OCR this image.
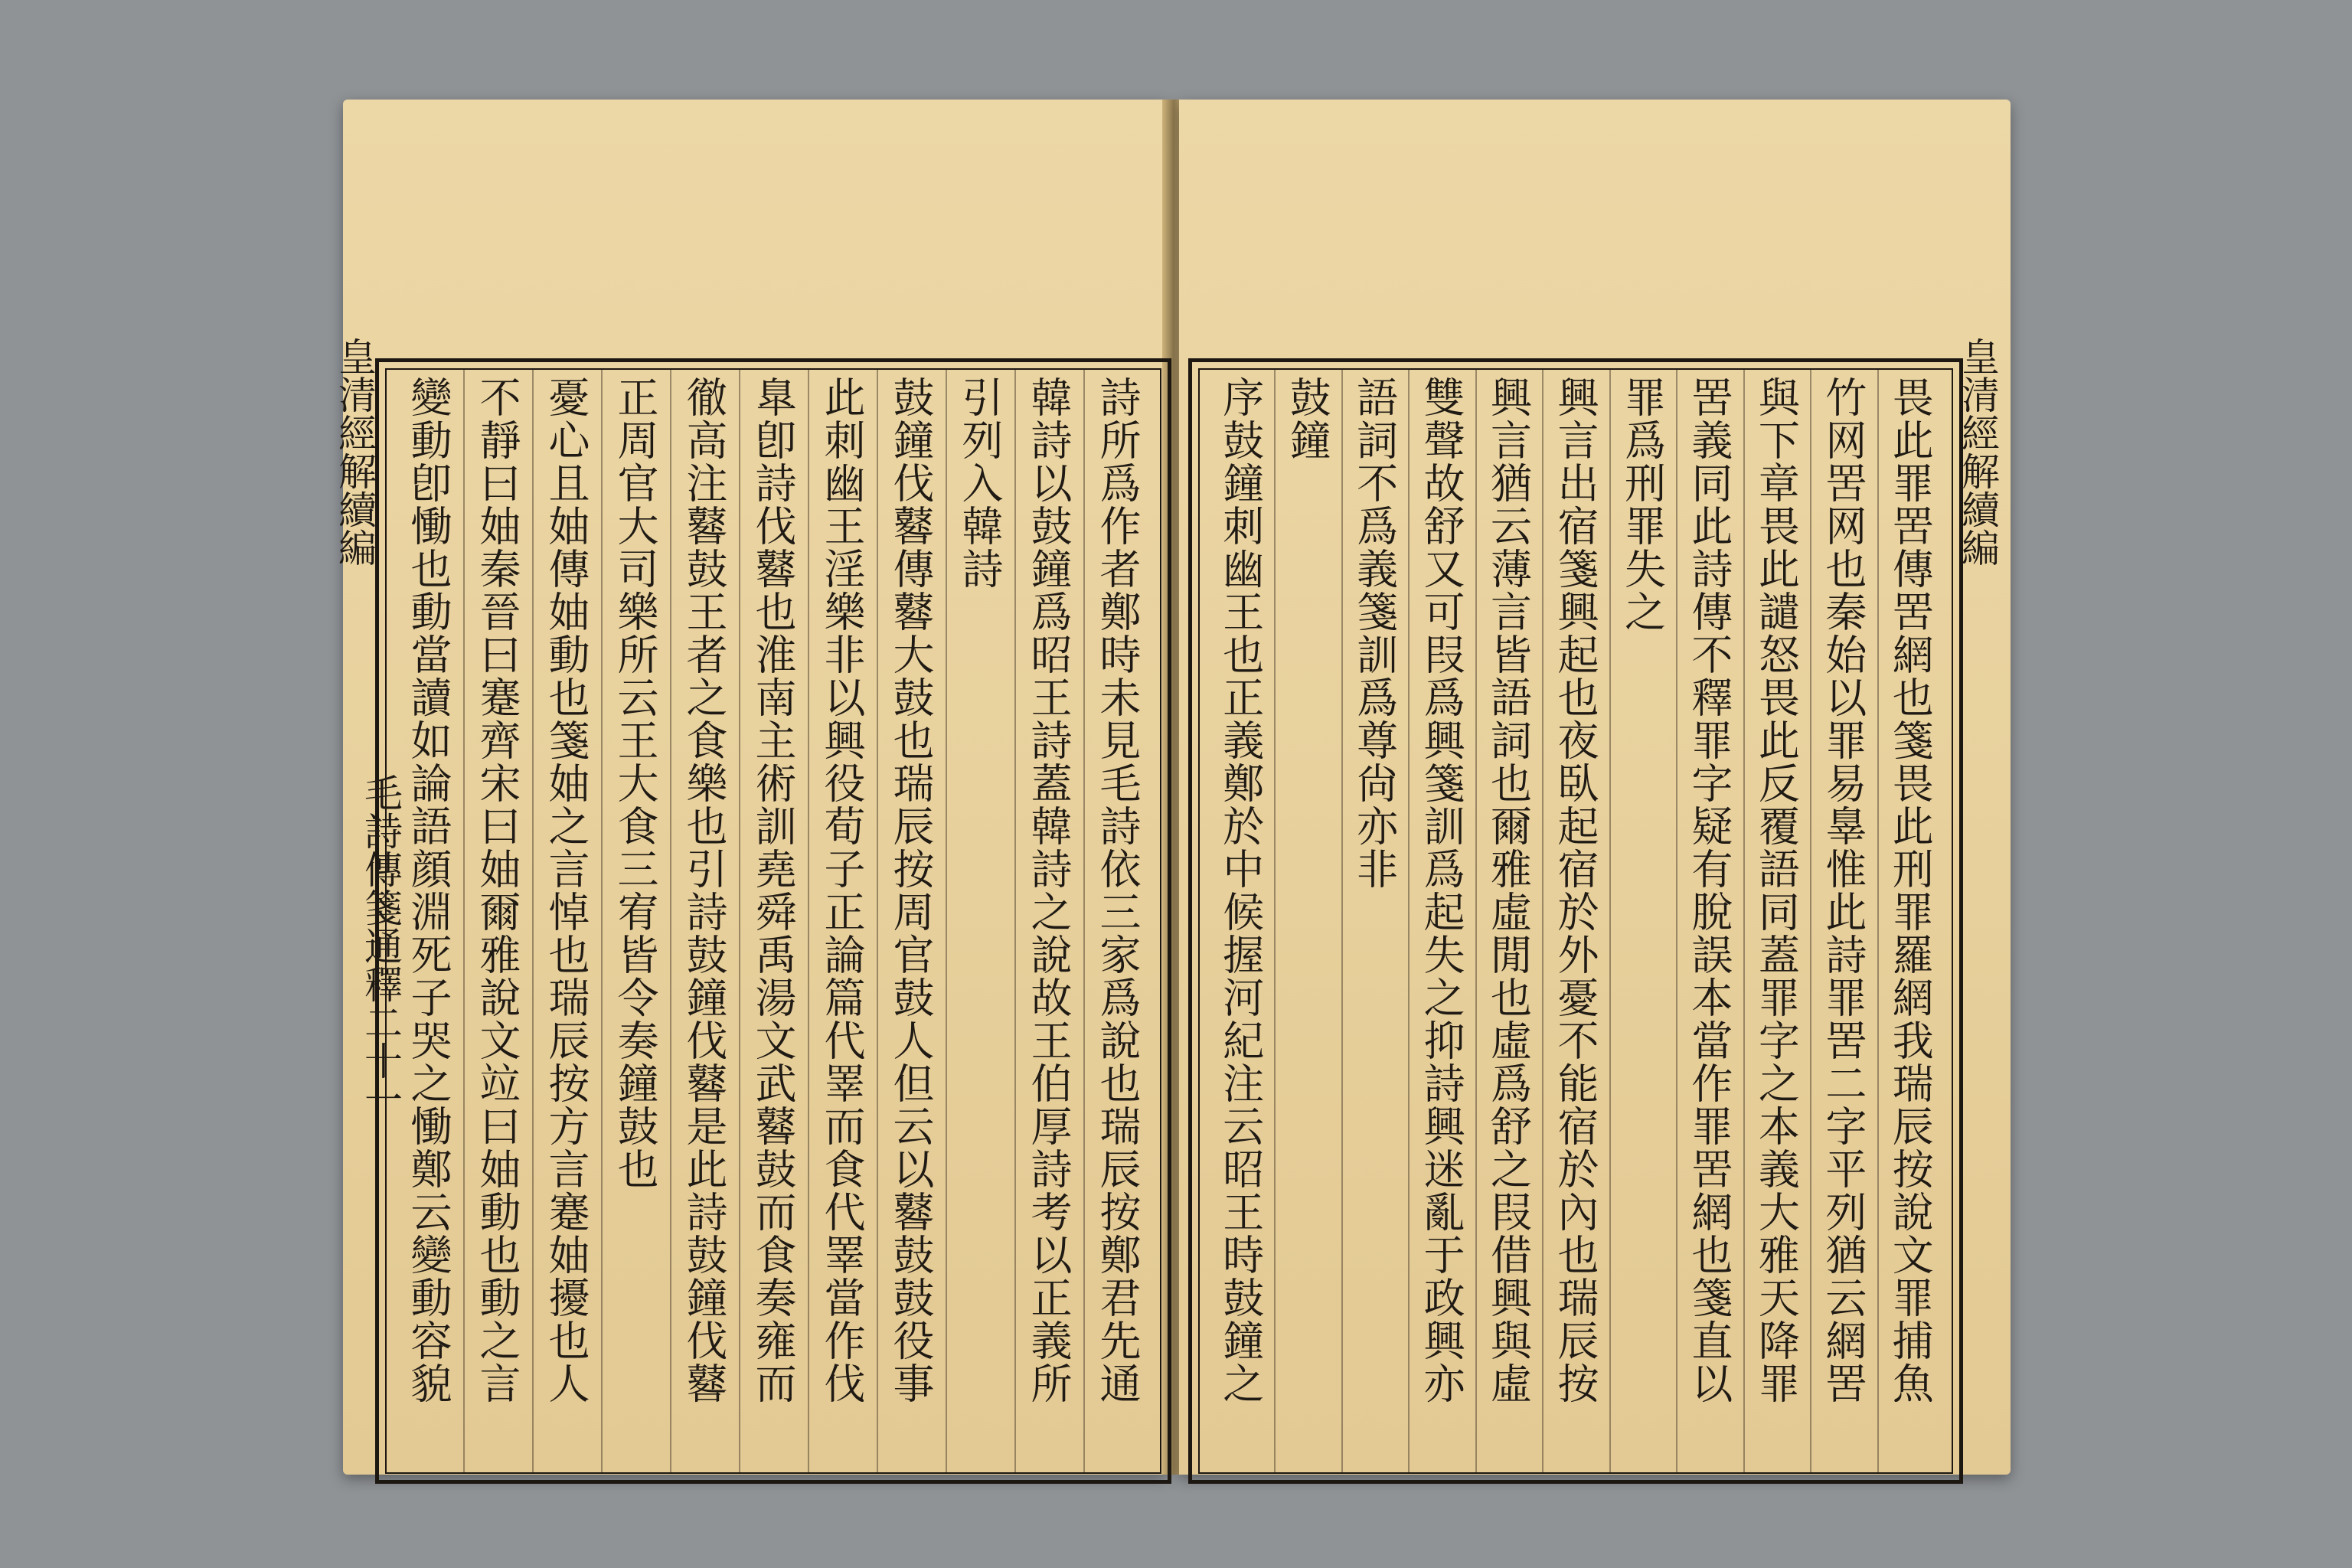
詩所爲作者鄭時未見毛詩依三家爲說也瑞辰按鄭君先通
韓詩以鼓鐘爲昭王詩蓋韓詩之說故王伯厚詩考以正義所
引列入韓詩
鼓鐘伐鼛傳鼛大鼓也瑞辰按周官鼓人但云以鼛鼓鼓役事
此刺幽王淫樂非以興役荀子正論篇代睪而食代睪當作伐
臯卽詩伐鼛也淮南主術訓堯舜禹湯文武鼛鼓而食奏雍而
徹高注鼛鼓王者之食樂也引詩鼓鐘伐鼛是此詩鼓鐘伐鼛
正周官大司樂所云王大食三宥皆令奏鐘鼓也
憂心且妯傳妯動也箋妯之言悼也瑞辰按方言蹇妯擾也人
不靜曰妯秦晉曰蹇齊宋曰妯爾雅說文竝曰妯動也動之言
變動卽慟也動當讀如論語顔淵死子哭之慟鄭云變動容貌
皇清經解續編
毛詩傳箋通釋二十一	畏此罪罟傳罟網也箋畏此刑罪羅網我瑞辰按說文罪捕魚
竹网罟网也秦始以罪易辠惟此詩罪罟二字平列猶云網罟
與下章畏此譴怒畏此反覆語同蓋罪字之本義大雅天降罪
罟義同此詩傳不釋罪字疑有脫誤本當作罪罟網也箋直以
罪爲刑罪失之
興言出宿箋興起也夜臥起宿於外憂不能宿於內也瑞辰按
興言猶云薄言皆語詞也爾雅虛閒也虛爲舒之叚借興與虛
雙聲故舒又可叚爲興箋訓爲起失之抑詩興迷亂于政興亦
語詞不爲義箋訓爲尊尙亦非
鼓鐘
序鼓鐘刺幽王也正義鄭於中候握河紀注云昭王時鼓鐘之	皇清經解續編
